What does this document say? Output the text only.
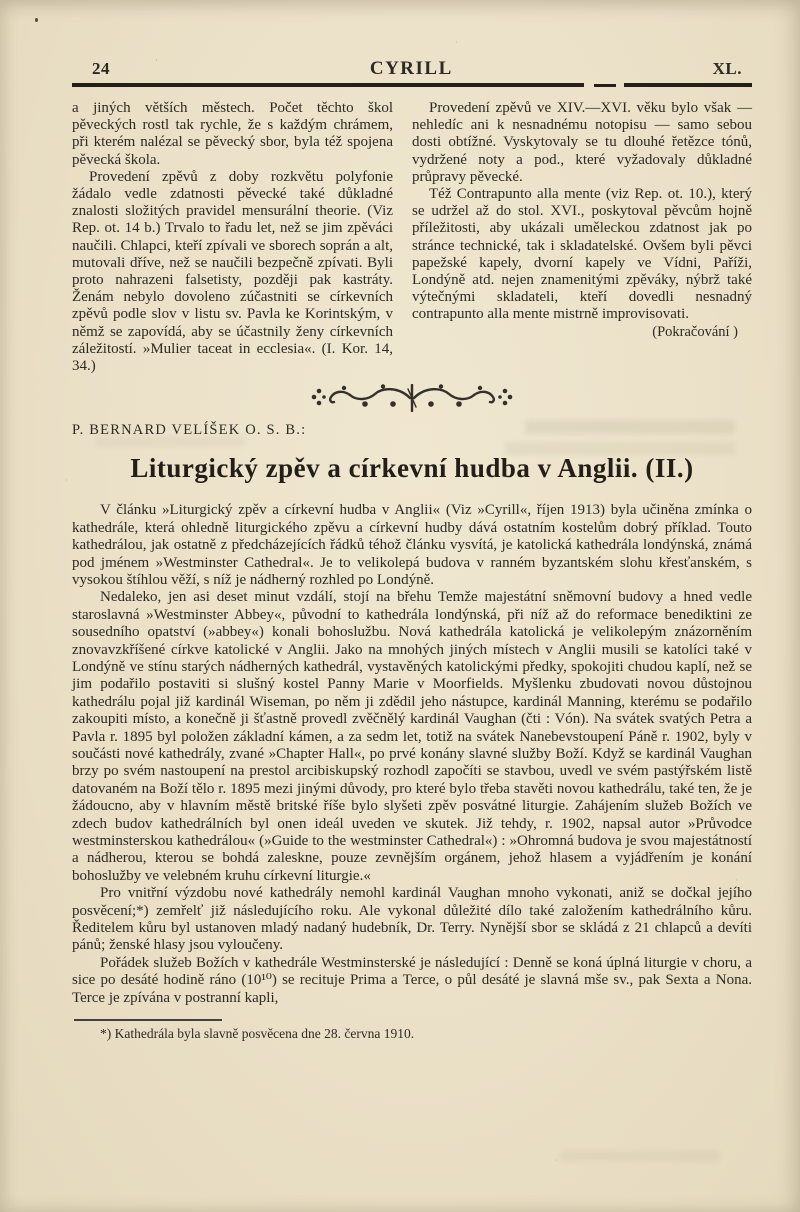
24	CYRILL	XL.

a jiných větších městech. Počet těchto škol pěveckých rostl tak rychle, že s každým chrámem, při kterém nalézal se pěvecký sbor, byla též spojena pěvecká škola.

Provedení zpěvů z doby rozkvětu polyfonie žádalo vedle zdatnosti pěvecké také důkladné znalosti složitých pravidel mensurální theorie. (Viz Rep. ot. 14 b.) Trvalo to řadu let, než se jim zpěváci naučili. Chlapci, kteří zpívali ve sborech soprán a alt, mutovali dříve, než se naučili bezpečně zpívati. Byli proto nahrazeni falsetisty, později pak kastráty. Ženám nebylo dovoleno zúčastniti se církevních zpěvů podle slov v listu sv. Pavla ke Korintským, v němž se zapovídá, aby se účastnily ženy církevních záležitostí. »Mulier taceat in ecclesia«. (I. Kor. 14, 34.)

Provedení zpěvů ve XIV.—XVI. věku bylo však — nehledíc ani k nesnadnému notopisu — samo sebou dosti obtížné. Vyskytovaly se tu dlouhé řetězce tónů, vydržené noty a pod., které vyžadovaly důkladné průpravy pěvecké.

Též Contrapunto alla mente (viz Rep. ot. 10.), který se udržel až do stol. XVI., poskytoval pěvcům hojně příležitosti, aby ukázali uměleckou zdatnost jak po stránce technické, tak i skladatelské. Ovšem byli pěvci papežské kapely, dvorní kapely ve Vídni, Paříži, Londýně atd. nejen znamenitými zpěváky, nýbrž také výtečnými skladateli, kteří dovedli nesnadný contrapunto alla mente mistrně improvisovati.

(Pokračování )

P. BERNARD VELÍŠEK O. S. B.:
Liturgický zpěv a církevní hudba v Anglii. (II.)

V článku »Liturgický zpěv a církevní hudba v Anglii« (Viz »Cyrill«, říjen 1913) byla učiněna zmínka o kathedrále, která ohledně liturgického zpěvu a církevní hudby dává ostatním kostelům dobrý příklad. Touto kathedrálou, jak ostatně z předcházejících řádků téhož článku vysvítá, je katolická kathedrála londýnská, známá pod jménem »Westminster Cathedral«. Je to velikolepá budova v ranném byzantském slohu křesťanském, s vysokou štíhlou věží, s níž je nádherný rozhled po Londýně.

Nedaleko, jen asi deset minut vzdálí, stojí na břehu Temže majestátní sněmovní budovy a hned vedle staroslavná »Westminster Abbey«, původní to kathedrála londýnská, při níž až do reformace benediktini ze sousedního opatství (»abbey«) konali bohoslužbu. Nová kathedrála katolická je velikolepým znázorněním znovavzkříšené církve katolické v Anglii. Jako na mnohých jiných místech v Anglii musili se katolíci také v Londýně ve stínu starých nádherných kathedrál, vystavěných katolickými předky, spokojiti chudou kaplí, než se jim podařilo postaviti si slušný kostel Panny Marie v Moorfields. Myšlenku zbudovati novou důstojnou kathedrálu pojal již kardinál Wiseman, po něm ji zdědil jeho nástupce, kardinál Manning, kterému se podařilo zakoupiti místo, a konečně ji šťastně provedl zvěčnělý kardinál Vaughan (čti : Vón). Na svátek svatých Petra a Pavla r. 1895 byl položen základní kámen, a za sedm let, totiž na svátek Nanebevstoupení Páně r. 1902, byly v součásti nové kathedrály, zvané »Chapter Hall«, po prvé konány slavné služby Boží. Když se kardinál Vaughan brzy po svém nastoupení na prestol arcibiskupský rozhodl započíti se stavbou, uvedl ve svém pastýřském listě datovaném na Boží tělo r. 1895 mezi jinými důvody, pro které bylo třeba stavěti novou kathedrálu, také ten, že je žádoucno, aby v hlavním městě britské říše bylo slyšeti zpěv posvátné liturgie. Zahájením služeb Božích ve zdech budov kathedrálních byl onen ideál uveden ve skutek. Již tehdy, r. 1902, napsal autor »Průvodce westminsterskou kathedrálou« (»Guide to the westminster Cathedral«) : »Ohromná budova je svou majestátností a nádherou, kterou se bohdá zaleskne, pouze zevnějším orgánem, jehož hlasem a vyjádřením je konání bohoslužby ve velebném kruhu církevní liturgie.«

Pro vnitřní výzdobu nové kathedrály nemohl kardinál Vaughan mnoho vykonati, aniž se dočkal jejího posvěcení;*) zemřelť již následujícího roku. Ale vykonal důležité dílo také založením kathedrálního kůru. Ředitelem kůru byl ustanoven mladý nadaný hudebník, Dr. Terry. Nynější sbor se skládá z 21 chlapců a devíti pánů; ženské hlasy jsou vyloučeny.

Pořádek služeb Božích v kathedrále Westminsterské je následující : Denně se koná úplná liturgie v choru, a sice po desáté hodině ráno (10¹⁰) se recituje Prima a Terce, o půl desáté je slavná mše sv., pak Sexta a Nona. Terce je zpívána v postranní kapli,

*) Kathedrála byla slavně posvěcena dne 28. června 1910.
